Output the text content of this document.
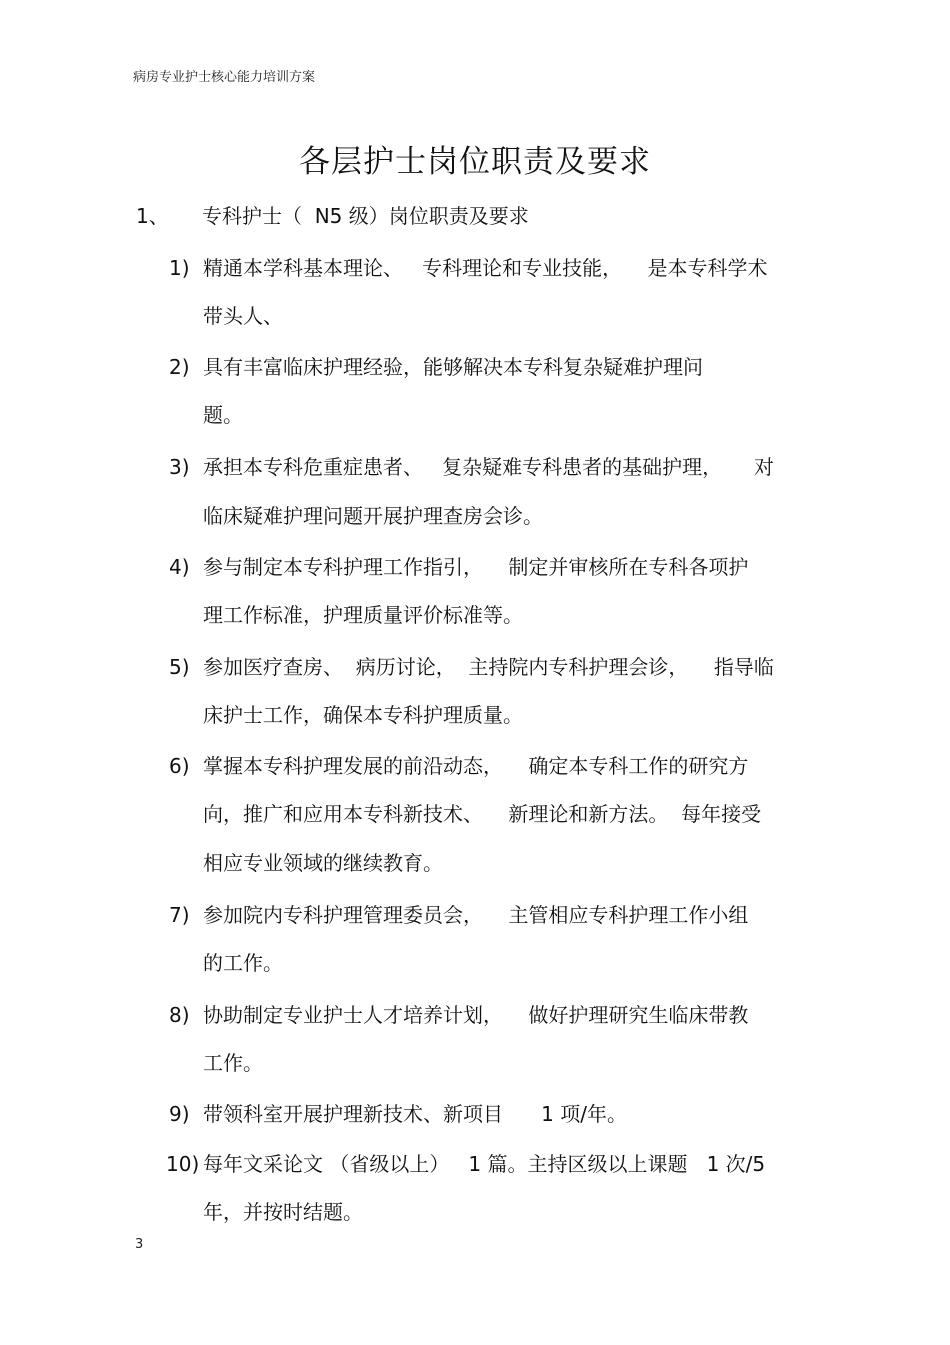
病房专业护士核心能力培训方案
各层护士岗位职责及要求

1、

专科护士（  N5 级）岗位职责及要求

1) 精通本学科基本理论、   专科理论和专业技能，    是本专科学术
带头人、
2) 具有丰富临床护理经验，能够解决本专科复杂疑难护理问
题。
3) 承担本专科危重症患者、   复杂疑难专科患者的基础护理，     对
临床疑难护理问题开展护理查房会诊。
4) 参与制定本专科护理工作指引，    制定并审核所在专科各项护
理工作标准，护理质量评价标准等。
5) 参加医疗查房、  病历讨论，  主持院内专科护理会诊，    指导临
床护士工作，确保本专科护理质量。
6) 掌握本专科护理发展的前沿动态，    确定本专科工作的研究方
向，推广和应用本专科新技术、    新理论和新方法。  每年接受
相应专业领域的继续教育。
7) 参加院内专科护理管理委员会，    主管相应专科护理工作小组
的工作。
8) 协助制定专业护士人才培养计划，    做好护理研究生临床带教
工作。
9) 带领科室开展护理新技术、新项目      1 项/年。
10) 每年文采论文 （省级以上）   1 篇。主持区级以上课题   1 次/5
年，并按时结题。
3
